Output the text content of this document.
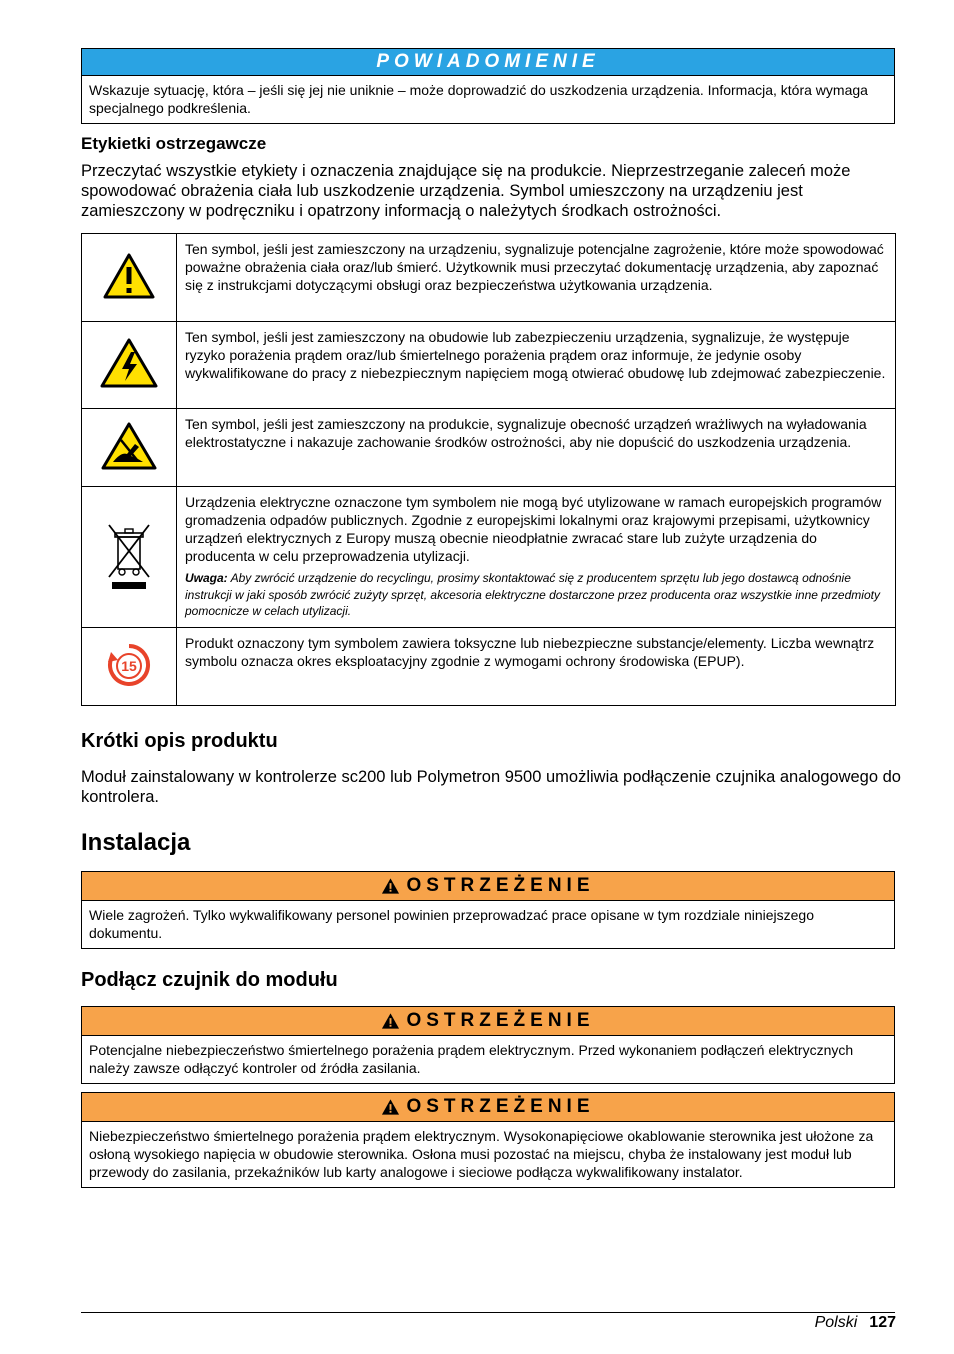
POWIADOMIENIE
Wskazuje sytuację, która – jeśli się jej nie uniknie – może doprowadzić do uszkodzenia urządzenia. Informacja, która wymaga specjalnego podkreślenia.
Etykietki ostrzegawcze

Przeczytać wszystkie etykiety i oznaczenia znajdujące się na produkcie. Nieprzestrzeganie zaleceń może spowodować obrażenia ciała lub uszkodzenie urządzenia. Symbol umieszczony na urządzeniu jest zamieszczony w podręczniku i opatrzony informacją o należytych środkach ostrożności.

	Ten symbol, jeśli jest zamieszczony na urządzeniu, sygnalizuje potencjalne zagrożenie, które może spowodować poważne obrażenia ciała oraz/lub śmierć. Użytkownik musi przeczytać dokumentację urządzenia, aby zapoznać się z instrukcjami dotyczącymi obsługi oraz bezpieczeństwa użytkowania urządzenia.
	Ten symbol, jeśli jest zamieszczony na obudowie lub zabezpieczeniu urządzenia, sygnalizuje, że występuje ryzyko porażenia prądem oraz/lub śmiertelnego porażenia prądem oraz informuje, że jedynie osoby wykwalifikowane do pracy z niebezpiecznym napięciem mogą otwierać obudowę lub zdejmować zabezpieczenie.
	Ten symbol, jeśli jest zamieszczony na produkcie, sygnalizuje obecność urządzeń wrażliwych na wyładowania elektrostatyczne i nakazuje zachowanie środków ostrożności, aby nie dopuścić do uszkodzenia urządzenia.

Urządzenia elektryczne oznaczone tym symbolem nie mogą być utylizowane w ramach europejskich programów gromadzenia odpadów publicznych. Zgodnie z europejskimi lokalnymi oraz krajowymi przepisami, użytkownicy urządzeń elektrycznych z Europy muszą obecnie nieodpłatnie zwracać stare lub zużyte urządzenia do producenta w celu przeprowadzenia utylizacji.
Uwaga: Aby zwrócić urządzenie do recyclingu, prosimy skontaktować się z producentem sprzętu lub jego dostawcą odnośnie instrukcji w jaki sposób zwrócić zużyty sprzęt, akcesoria elektryczne dostarczone przez producenta oraz wszystkie inne przedmioty pomocnicze w celach utylizacji.

15	Produkt oznaczony tym symbolem zawiera toksyczne lub niebezpieczne substancje/elementy. Liczba wewnątrz symbolu oznacza okres eksploatacyjny zgodnie z wymogami ochrony środowiska (EPUP).
Krótki opis produktu

Moduł zainstalowany w kontrolerze sc200 lub Polymetron 9500 umożliwia podłączenie czujnika analogowego do kontrolera.

Instalacja
OSTRZEŻENIE
Wiele zagrożeń. Tylko wykwalifikowany personel powinien przeprowadzać prace opisane w tym rozdziale niniejszego dokumentu.
Podłącz czujnik do modułu
OSTRZEŻENIE
Potencjalne niebezpieczeństwo śmiertelnego porażenia prądem elektrycznym. Przed wykonaniem podłączeń elektrycznych należy zawsze odłączyć kontroler od źródła zasilania.
OSTRZEŻENIE
Niebezpieczeństwo śmiertelnego porażenia prądem elektrycznym. Wysokonapięciowe okablowanie sterownika jest ułożone za osłoną wysokiego napięcia w obudowie sterownika. Osłona musi pozostać na miejscu, chyba że instalowany jest moduł lub przewody do zasilania, przekaźników lub karty analogowe i sieciowe podłącza wykwalifikowany instalator.
Polski 127
